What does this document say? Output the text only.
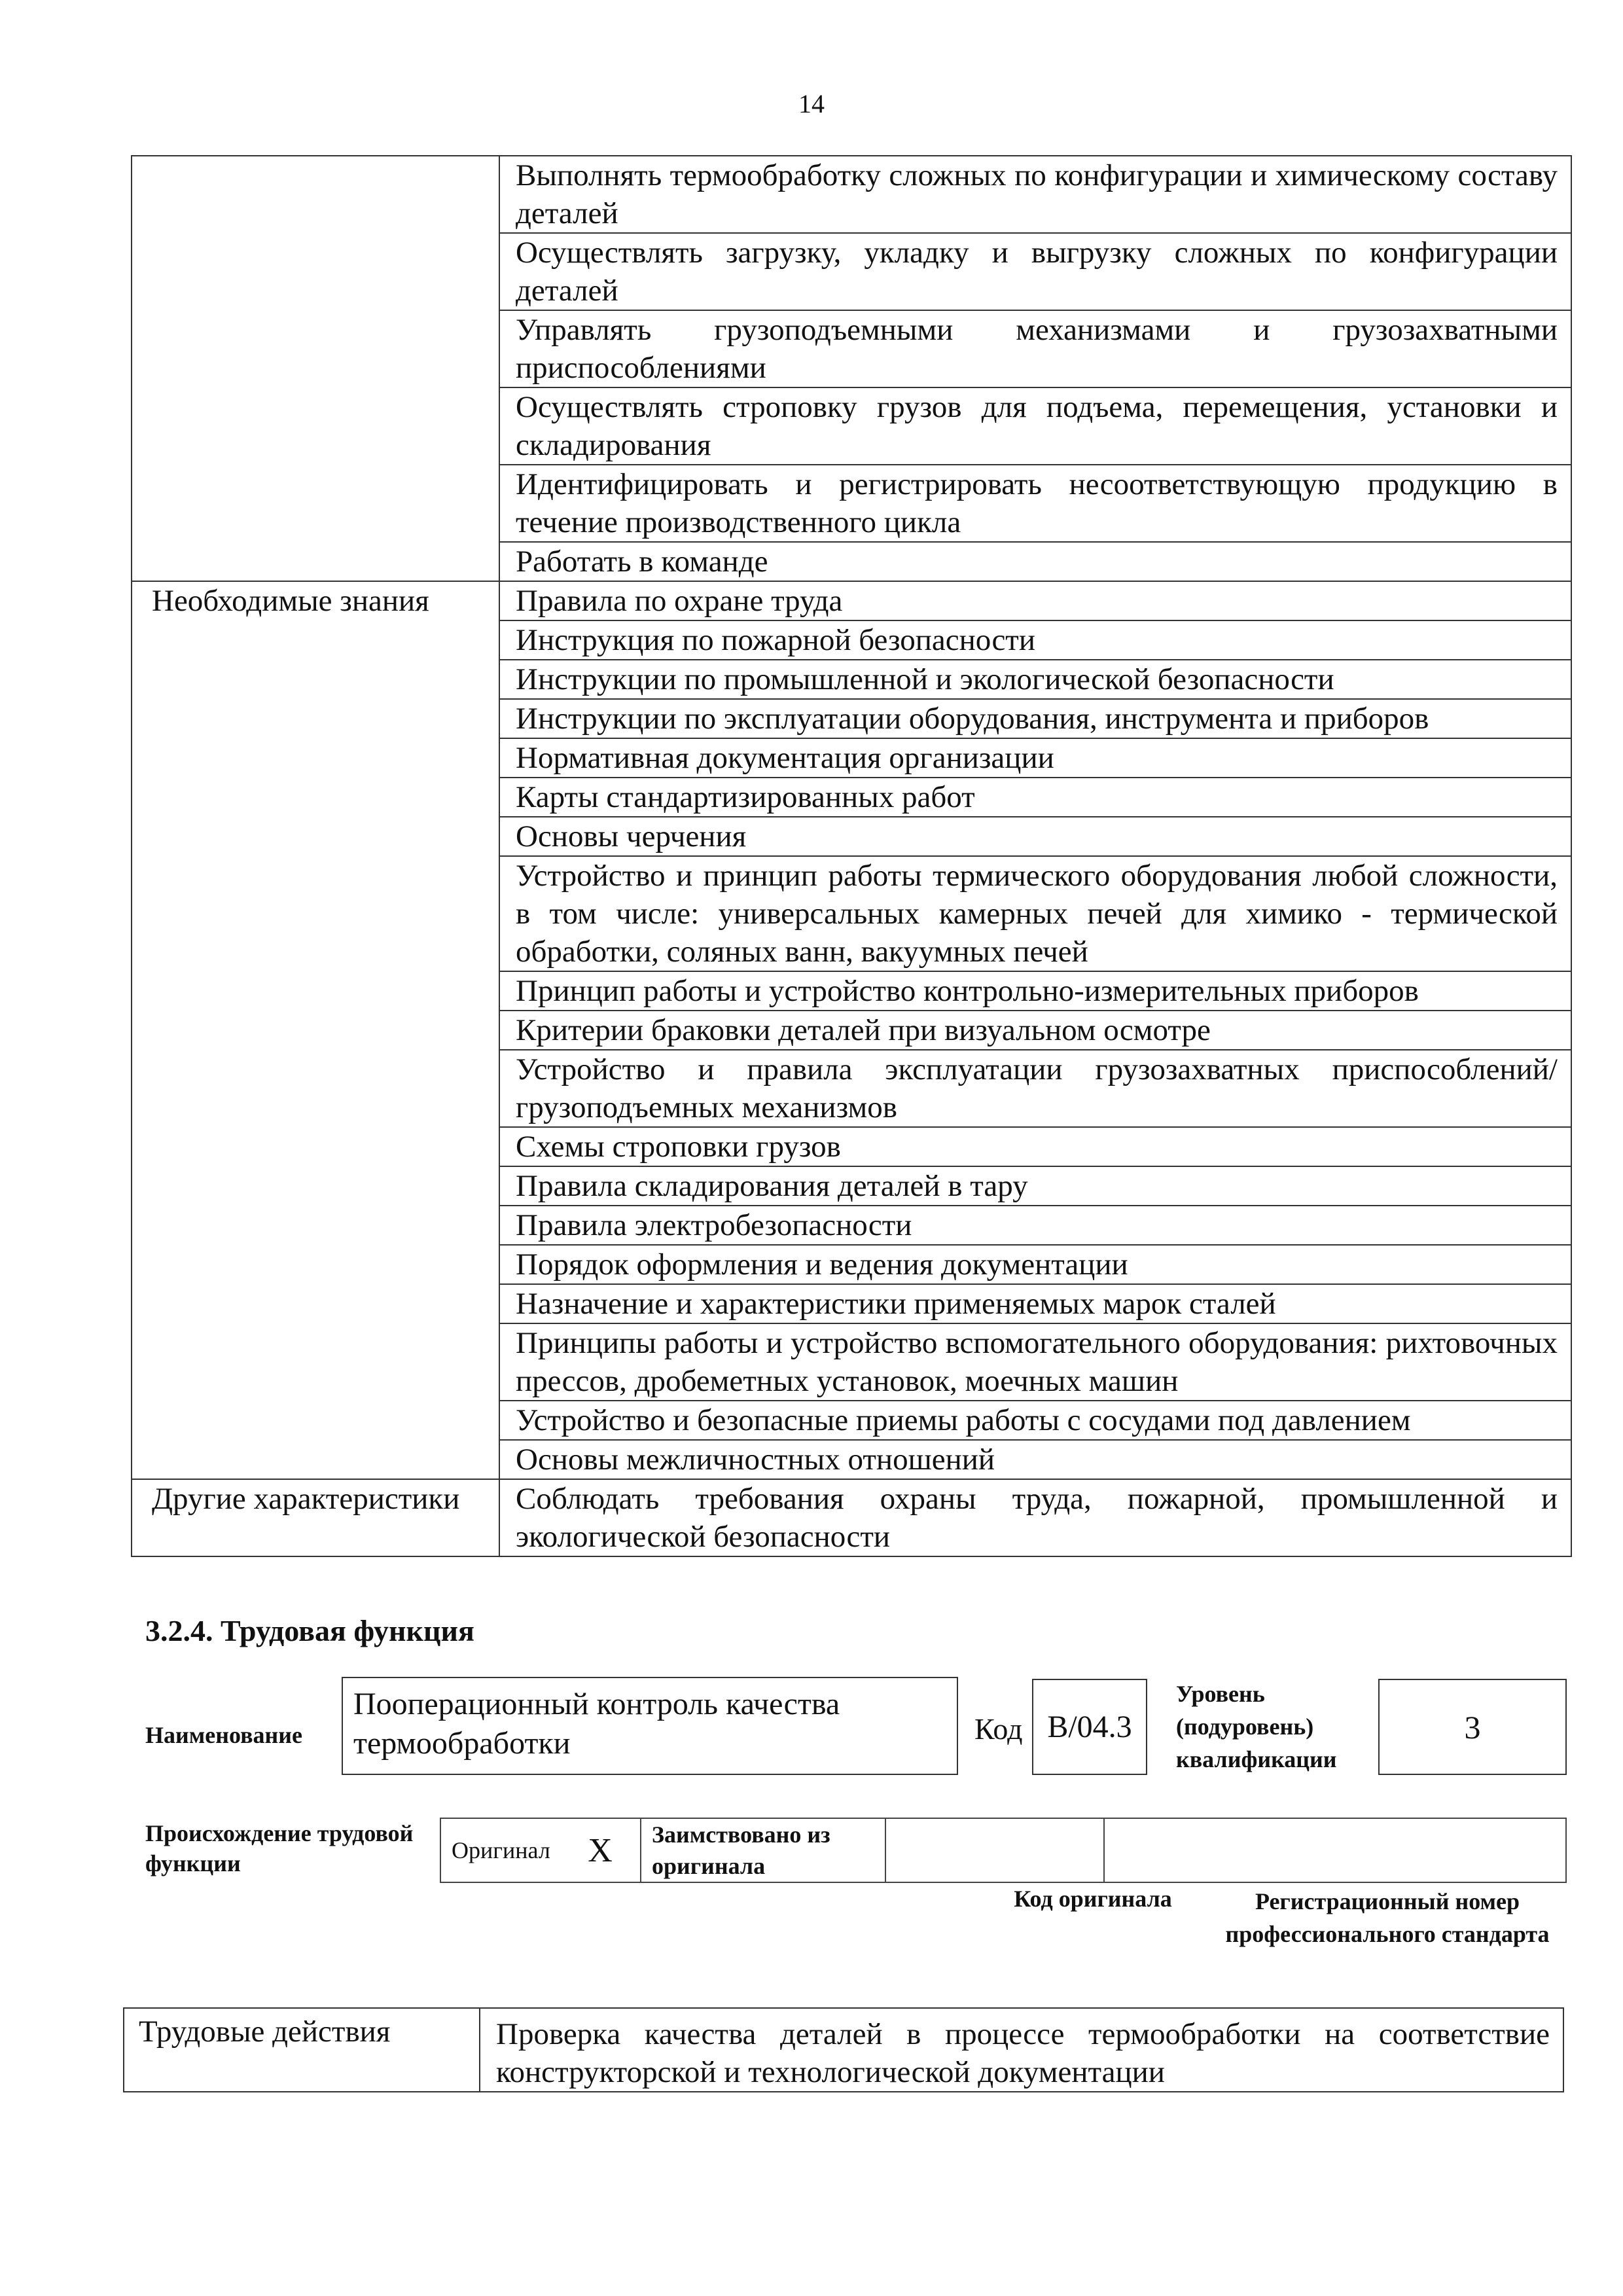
14
	Выполнять термообработку сложных по конфигурации и химическому составу деталей
	Осуществлять загрузку, укладку и выгрузку сложных по конфигурации деталей
	Управлять грузоподъемными механизмами и грузозахватными приспособлениями
	Осуществлять строповку грузов для подъема, перемещения, установки и складирования
	Идентифицировать и регистрировать несоответствующую продукцию в течение производственного цикла
	Работать в команде
Необходимые знания	Правила по охране труда
	Инструкция по пожарной безопасности
	Инструкции по промышленной и экологической безопасности
	Инструкции по эксплуатации оборудования, инструмента и приборов
	Нормативная документация организации
	Карты стандартизированных работ
	Основы черчения
	Устройство и принцип работы термического оборудования любой сложности, в том числе: универсальных камерных печей для химико - термической обработки, соляных ванн, вакуумных печей
	Принцип работы и устройство контрольно-измерительных приборов
	Критерии браковки деталей при визуальном осмотре
	Устройство и правила эксплуатации грузозахватных приспособлений/грузоподъемных механизмов
	Схемы строповки грузов
	Правила складирования деталей в тару
	Правила электробезопасности
	Порядок оформления и ведения документации
	Назначение и характеристики применяемых марок сталей
	Принципы работы и устройство вспомогательного оборудования: рихтовочных прессов, дробеметных установок, моечных машин
	Устройство и безопасные приемы работы с сосудами под давлением
	Основы межличностных отношений
Другие характеристики	Соблюдать требования охраны труда, пожарной, промышленной и экологической безопасности
3.2.4. Трудовая функция
Наименование
Пооперационный контроль качества термообработки	Код В/04.3
Уровень (подуровень) квалификации
3
Происхождение трудовой функции	Оригинал	X	Заимствовано из оригинала		
Код оригинала	Регистрационный номер профессионального стандарта
Трудовые действия	Проверка качества деталей в процессе термообработки на соответствие конструкторской и технологической документации
